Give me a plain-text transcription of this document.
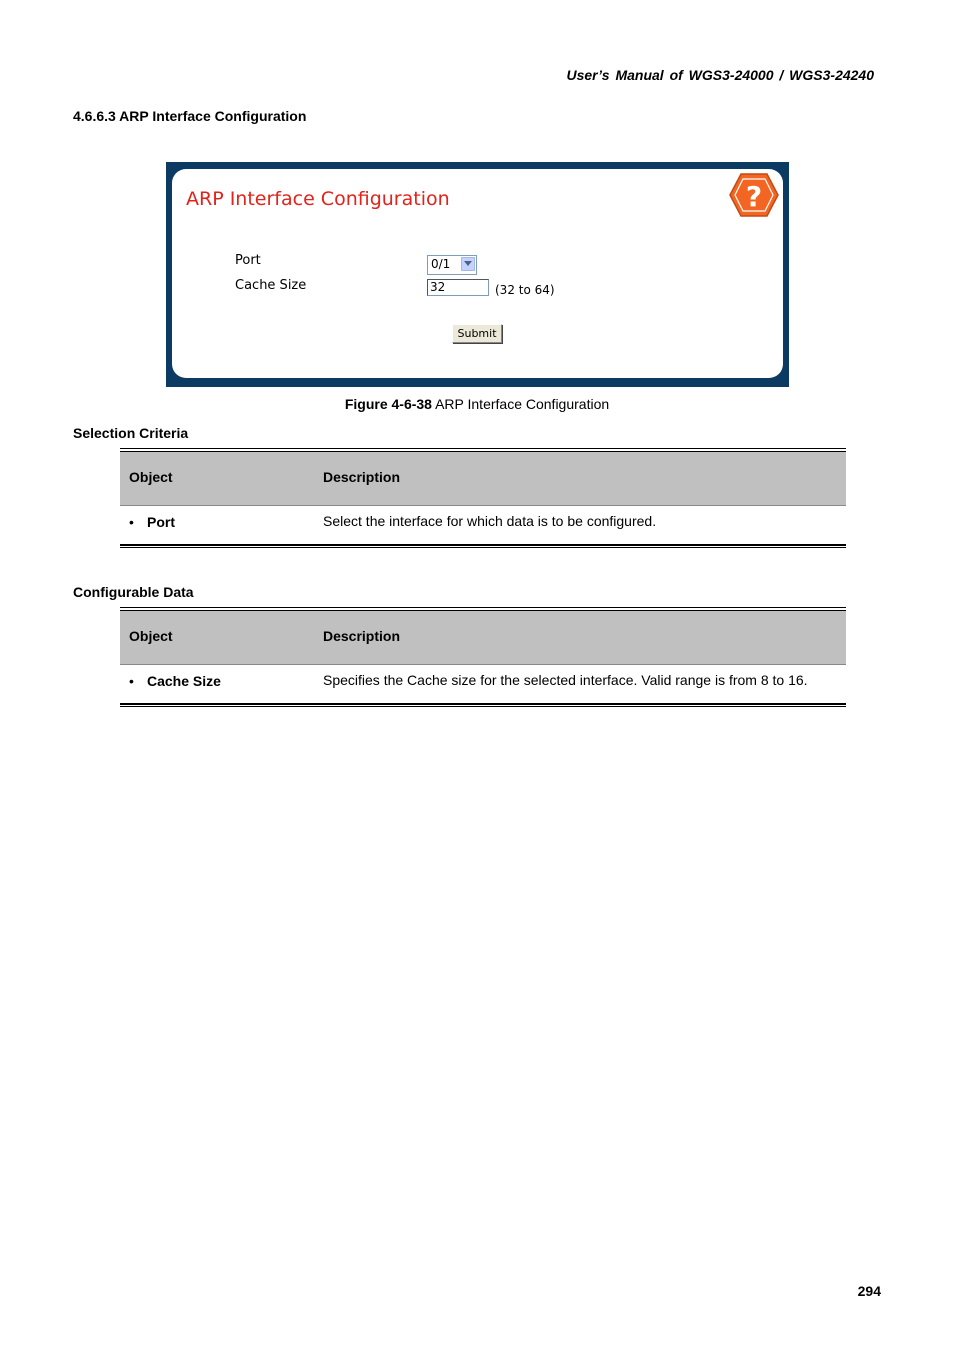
User’s Manual of WGS3-24000 / WGS3-24240
4.6.6.3 ARP Interface Configuration
ARP Interface Configuration	?
Port	0/1
Cache Size	32	(32 to 64)
Submit
Figure 4-6-38 ARP Interface Configuration
Selection Criteria
Object	Description
• Port	Select the interface for which data is to be configured.
Configurable Data
Object	Description
• Cache Size	Specifies the Cache size for the selected interface. Valid range is from 8 to 16.
294
